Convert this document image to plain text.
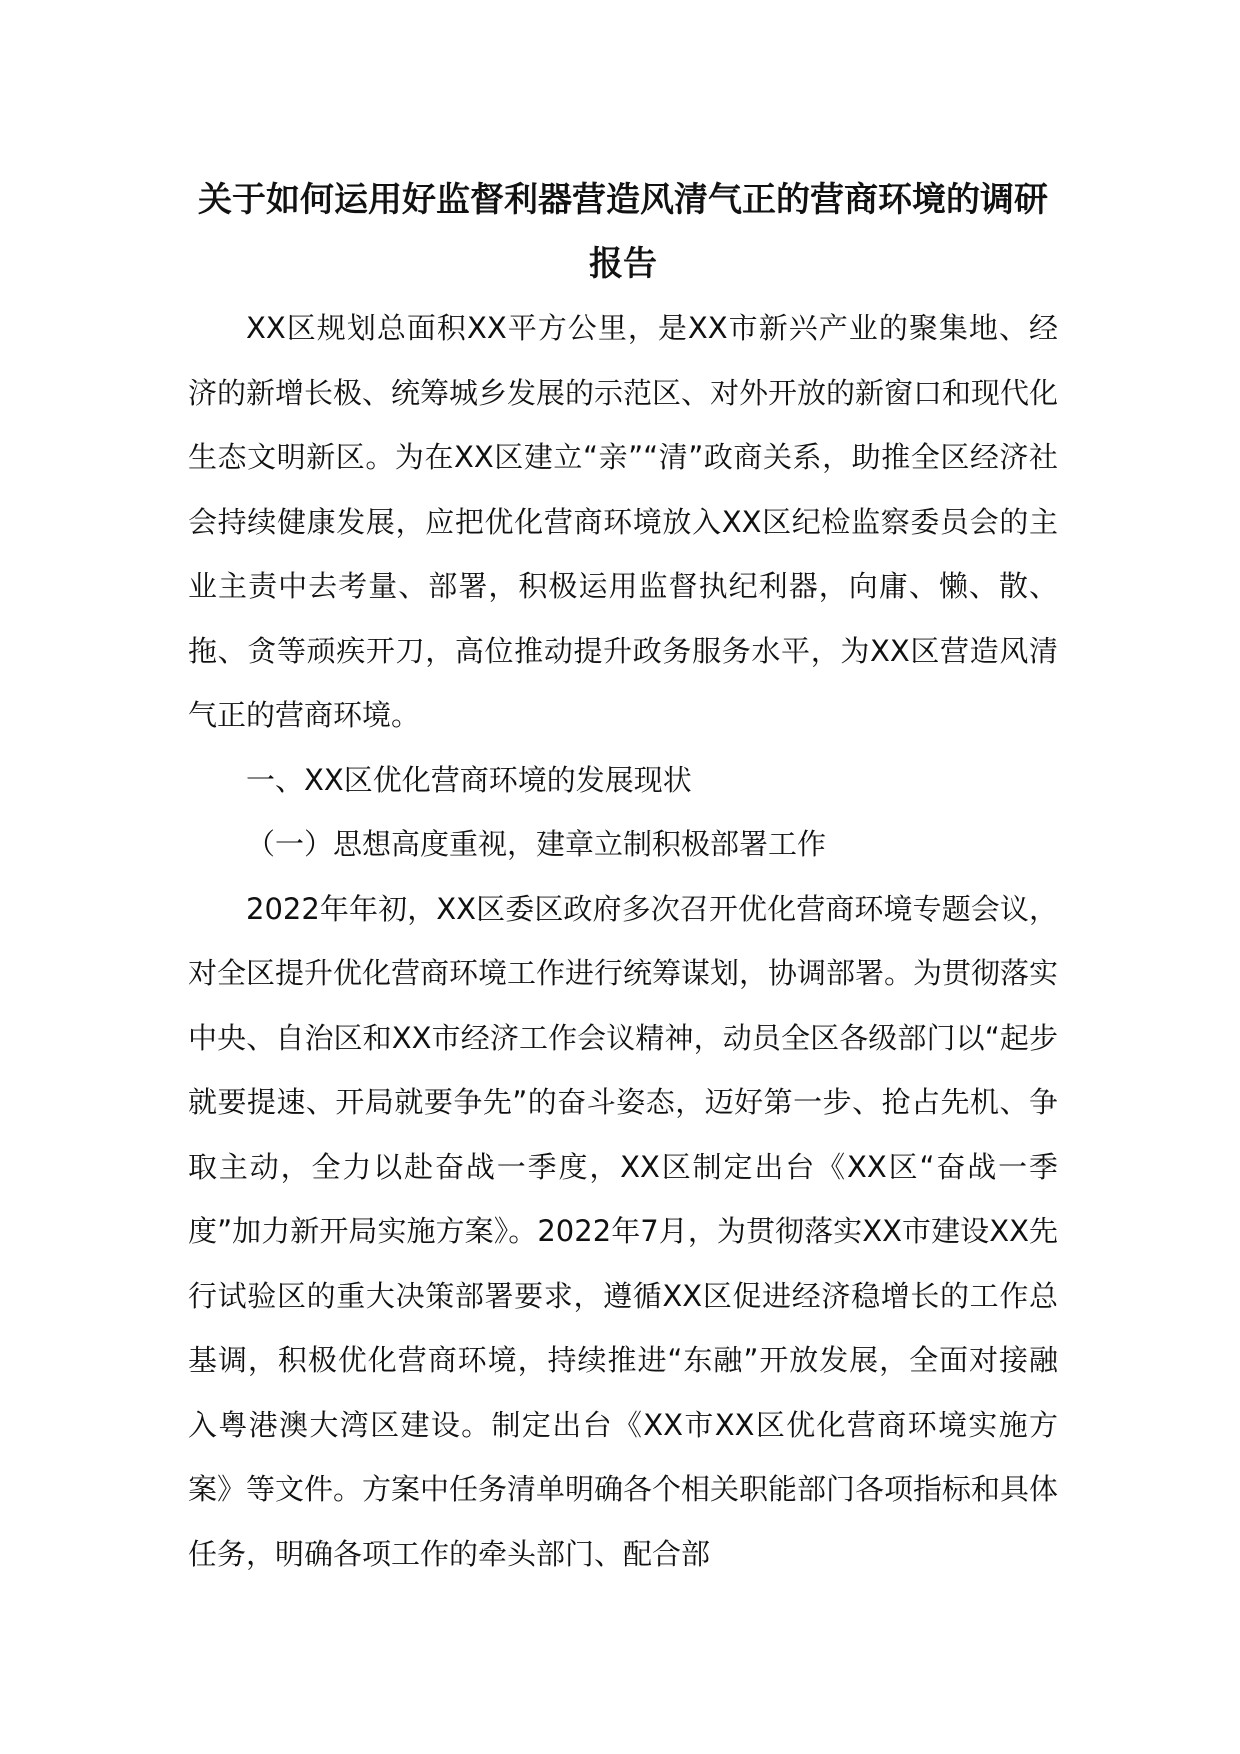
关于如何运用好监督利器营造风清气正的营商环境的调研
报告

XX区规划总面积XX平方公里，是XX市新兴产业的聚集地、经济的新增长极、统筹城乡发展的示范区、对外开放的新窗口和现代化生态文明新区。为在XX区建立“亲”“清”政商关系，助推全区经济社会持续健康发展，应把优化营商环境放入XX区纪检监察委员会的主业主责中去考量、部署，积极运用监督执纪利器，向庸、懒、散、拖、贪等顽疾开刀，高位推动提升政务服务水平，为XX区营造风清气正的营商环境。

一、XX区优化营商环境的发展现状

（一）思想高度重视，建章立制积极部署工作

2022年年初，XX区委区政府多次召开优化营商环境专题会议，对全区提升优化营商环境工作进行统筹谋划，协调部署。为贯彻落实中央、自治区和XX市经济工作会议精神，动员全区各级部门以“起步就要提速、开局就要争先”的奋斗姿态，迈好第一步、抢占先机、争取主动，全力以赴奋战一季度，XX区制定出台《XX区“奋战一季度”加力新开局实施方案》。2022年7月，为贯彻落实XX市建设XX先行试验区的重大决策部署要求，遵循XX区促进经济稳增长的工作总基调，积极优化营商环境，持续推进“东融”开放发展，全面对接融入粤港澳大湾区建设。制定出台《XX市XX区优化营商环境实施方案》等文件。方案中任务清单明确各个相关职能部门各项指标和具体任务，明确各项工作的牵头部门、配合部
